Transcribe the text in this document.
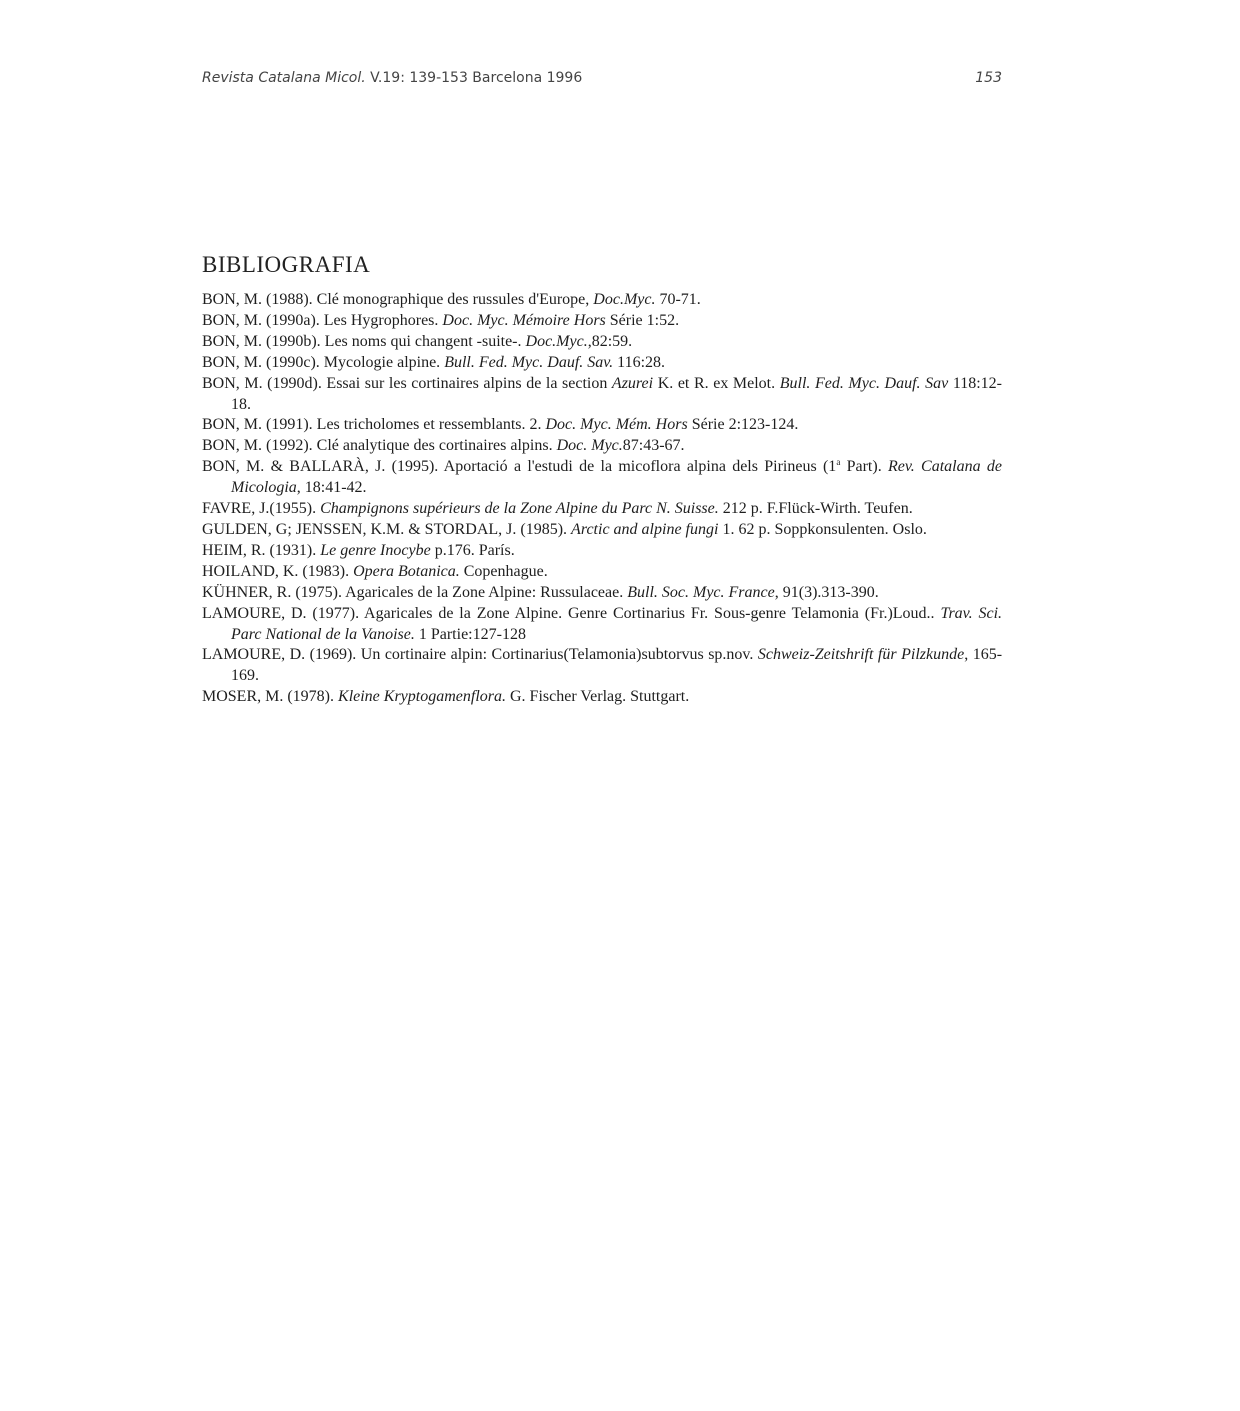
Revista Catalana Micol. V.19: 139-153 Barcelona 1996	153
BIBLIOGRAFIA
BON, M. (1988). Clé monographique des russules d'Europe, Doc.Myc. 70-71.
BON, M. (1990a). Les Hygrophores. Doc. Myc. Mémoire Hors Série 1:52.
BON, M. (1990b). Les noms qui changent -suite-. Doc.Myc.,82:59.
BON, M. (1990c). Mycologie alpine. Bull. Fed. Myc. Dauf. Sav. 116:28.
BON, M. (1990d). Essai sur les cortinaires alpins de la section Azurei K. et R. ex Melot. Bull. Fed. Myc. Dauf. Sav 118:12-18.
BON, M. (1991). Les tricholomes et ressemblants. 2. Doc. Myc. Mém. Hors Série 2:123-124.
BON, M. (1992). Clé analytique des cortinaires alpins. Doc. Myc.87:43-67.
BON, M. & BALLARÀ, J. (1995). Aportació a l'estudi de la micoflora alpina dels Pirineus (1$^a$ Part). Rev. Catalana de Micologia, 18:41-42.
FAVRE, J.(1955). Champignons supérieurs de la Zone Alpine du Parc N. Suisse. 212 p. F.Flück-Wirth. Teufen.
GULDEN, G; JENSSEN, K.M. & STORDAL, J. (1985). Arctic and alpine fungi 1. 62 p. Soppkonsulenten. Oslo.
HEIM, R. (1931). Le genre Inocybe p.176. París.
HOILAND, K. (1983). Opera Botanica. Copenhague.
KÜHNER, R. (1975). Agaricales de la Zone Alpine: Russulaceae. Bull. Soc. Myc. France, 91(3).313-390.
LAMOURE, D. (1977). Agaricales de la Zone Alpine. Genre Cortinarius Fr. Sous-genre Telamonia (Fr.)Loud.. Trav. Sci. Parc National de la Vanoise. 1 Partie:127-128
LAMOURE, D. (1969). Un cortinaire alpin: Cortinarius(Telamonia)subtorvus sp.nov. Schweiz-Zeitshrift für Pilzkunde, 165-169.
MOSER, M. (1978). Kleine Kryptogamenflora. G. Fischer Verlag. Stuttgart.
